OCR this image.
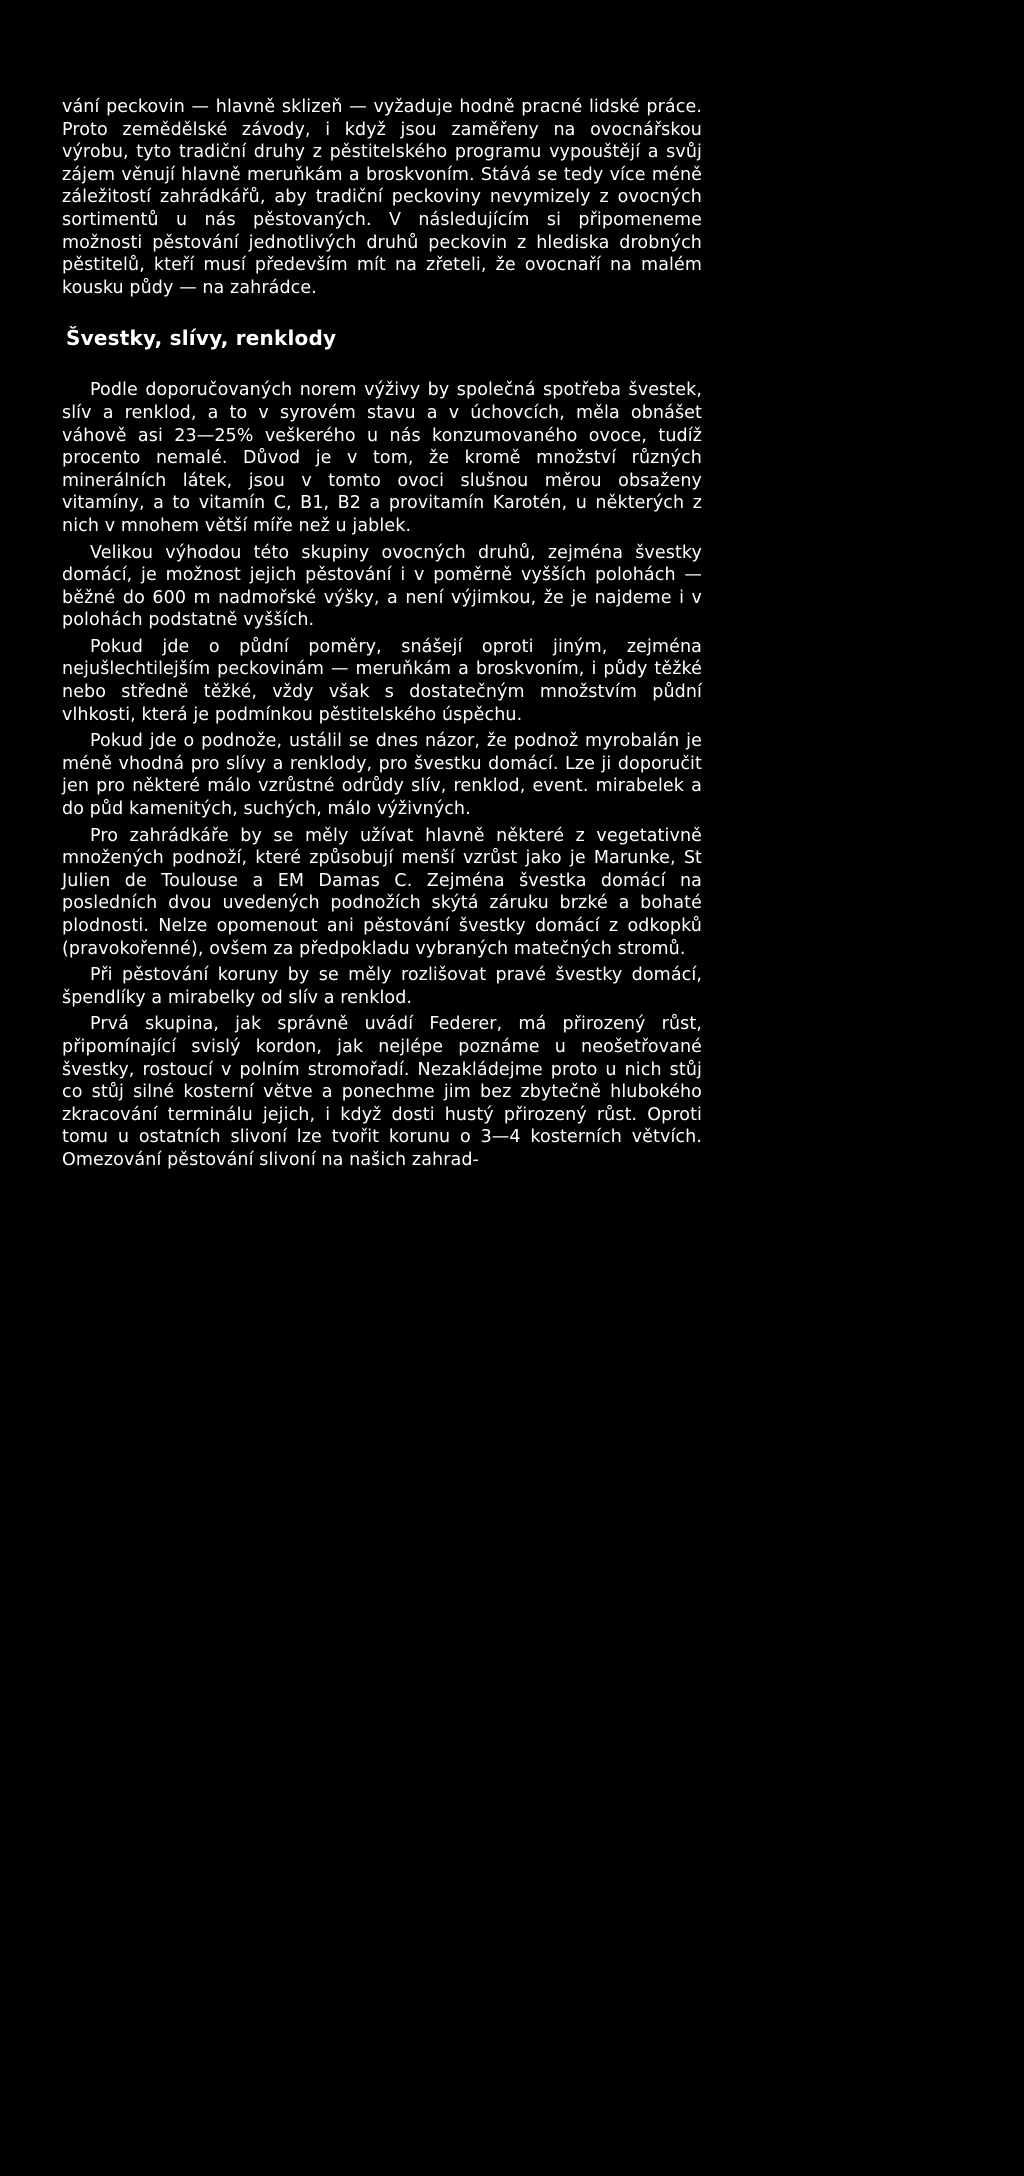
vání peckovin — hlavně sklizeň — vyžaduje hodně pracné lidské práce. Proto zemědělské závody, i když jsou zaměřeny na ovocnářskou výrobu, tyto tradiční druhy z pěstitelského programu vypouštějí a svůj zájem věnují hlavně meruňkám a broskvoním. Stává se tedy více méně záležitostí zahrádkářů, aby tradiční peckoviny nevymizely z ovocných sortimentů u nás pěstovaných. V následujícím si připomeneme možnosti pěstování jednotlivých druhů peckovin z hlediska drobných pěstitelů, kteří musí především mít na zřeteli, že ovocnaří na malém kousku půdy — na zahrádce.

Švestky, slívy, renklody

Podle doporučovaných norem výživy by společná spotřeba švestek, slív a renklod, a to v syrovém stavu a v úchovcích, měla obnášet váhově asi 23—25% veškerého u nás konzumovaného ovoce, tudíž procento nemalé. Důvod je v tom, že kromě množství různých minerálních látek, jsou v tomto ovoci slušnou měrou obsaženy vitamíny, a to vitamín C, B1, B2 a provitamín Karotén, u některých z nich v mnohem větší míře než u jablek.

Velikou výhodou této skupiny ovocných druhů, zejména švestky domácí, je možnost jejich pěstování i v poměrně vyšších polohách — běžné do 600 m nadmořské výšky, a není výjimkou, že je najdeme i v polohách podstatně vyšších.

Pokud jde o půdní poměry, snášejí oproti jiným, zejména nejušlechtilejším peckovinám — meruňkám a broskvoním, i půdy těžké nebo středně těžké, vždy však s dostatečným množstvím půdní vlhkosti, která je podmínkou pěstitelského úspěchu.

Pokud jde o podnože, ustálil se dnes názor, že podnož myrobalán je méně vhodná pro slívy a renklody, pro švestku domácí. Lze ji doporučit jen pro některé málo vzrůstné odrůdy slív, renklod, event. mirabelek a do půd kamenitých, suchých, málo výživných.

Pro zahrádkáře by se měly užívat hlavně některé z vegetativně množených podnoží, které způsobují menší vzrůst jako je Marunke, St Julien de Toulouse a EM Damas C. Zejména švestka domácí na posledních dvou uvedených podnožích skýtá záruku brzké a bohaté plodnosti. Nelze opomenout ani pěstování švestky domácí z odkopků (pravokořenné), ovšem za předpokladu vybraných matečných stromů.

Při pěstování koruny by se měly rozlišovat pravé švestky domácí, špendlíky a mirabelky od slív a renklod.

Prvá skupina, jak správně uvádí Federer, má přirozený růst, připomínající svislý kordon, jak nejlépe poznáme u neošetřované švestky, rostoucí v polním stromořadí. Nezakládejme proto u nich stůj co stůj silné kosterní větve a ponechme jim bez zbytečně hlubokého zkracování terminálu jejich, i když dosti hustý přirozený růst. Oproti tomu u ostatních slivoní lze tvořit korunu o 3—4 kosterních větvích. Omezování pěstování slivoní na našich zahrad-
